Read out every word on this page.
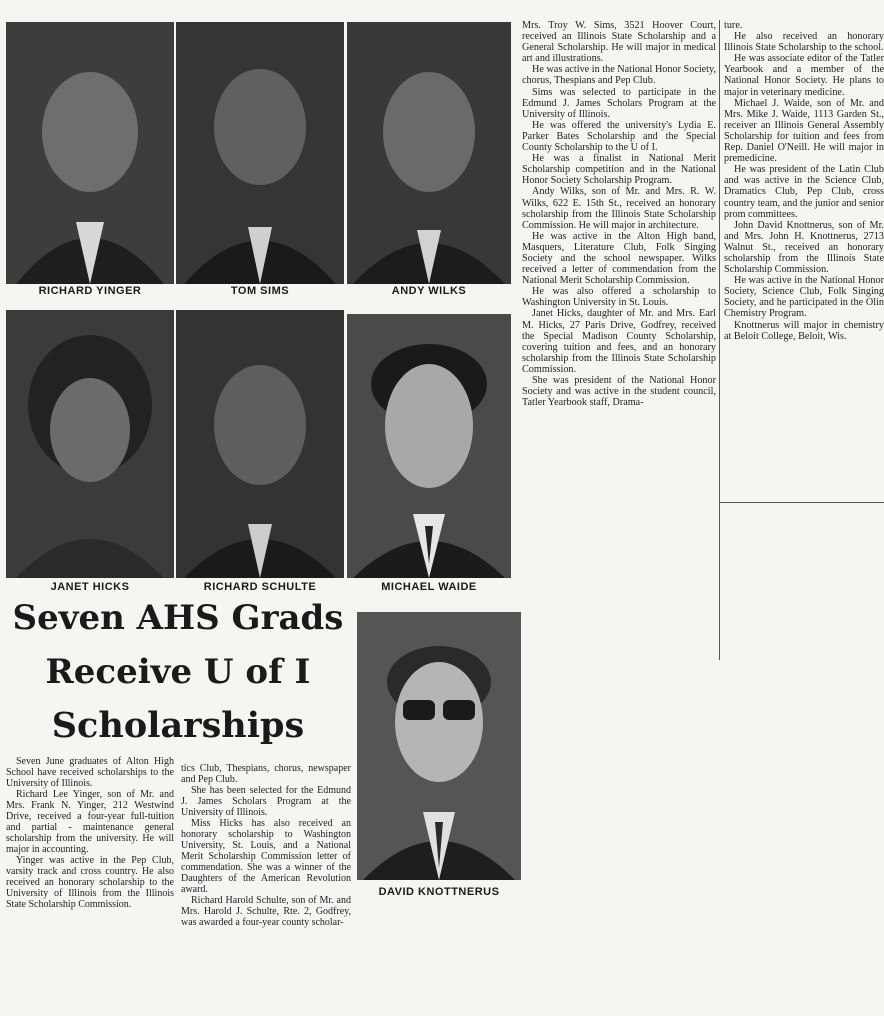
RICHARD YINGER	TOM SIMS	ANDY WILKS
JANET HICKS	RICHARD SCHULTE	MICHAEL WAIDE
Seven AHS Grads
Receive U of I
Scholarships
DAVID KNOTTNERUS

Seven June graduates of Alton High School have received scholarships to the University of Illinois.

Richard Lee Yinger, son of Mr. and Mrs. Frank N. Yinger, 212 Westwind Drive, received a four-year full-tuition and partial - maintenance general scholarship from the university. He will major in accounting.

Yinger was active in the Pep Club, varsity track and cross country. He also received an honorary scholarship to the University of Illinois from the Illinois State Scholarship Commission.

tics Club, Thespians, chorus, newspaper and Pep Club.

She has been selected for the Edmund J. James Scholars Program at the University of Illinois.

Miss Hicks has also received an honorary scholarship to Washington University, St. Louis, and a National Merit Scholarship Commission letter of commendation. She was a winner of the Daughters of the American Revolution award.

Richard Harold Schulte, son of Mr. and Mrs. Harold J. Schulte, Rte. 2, Godfrey, was awarded a four-year county scholar-

Mrs. Troy W. Sims, 3521 Hoover Court, received an Illinois State Scholarship and a General Scholarship. He will major in medical art and illustrations.

He was active in the National Honor Society, chorus, Thespians and Pep Club.

Sims was selected to participate in the Edmund J. James Scholars Program at the University of Illinois.

He was offered the university's Lydia E. Parker Bates Scholarship and the Special County Scholarship to the U of I.

He was a finalist in National Merit Scholarship competition and in the National Honor Society Scholarship Program.

Andy Wilks, son of Mr. and Mrs. R. W. Wilks, 622 E. 15th St., received an honorary scholarship from the Illinois State Scholarship Commission. He will major in architecture.

He was active in the Alton High band, Masquers, Literature Club, Folk Singing Society and the school newspaper. Wilks received a letter of commendation from the National Merit Scholarship Commission.

He was also offered a scholarship to Washington University in St. Louis.

Janet Hicks, daughter of Mr. and Mrs. Earl M. Hicks, 27 Paris Drive, Godfrey, received the Special Madison County Scholarship, covering tuition and fees, and an honorary scholarship from the Illinois State Scholarship Commission.

She was president of the National Honor Society and was active in the student council, Tatler Yearbook staff, Drama-

ture.

He also received an honorary Illinois State Scholarship to the school.

He was associate editor of the Tatler Yearbook and a member of the National Honor Society. He plans to major in veterinary medicine.

Michael J. Waide, son of Mr. and Mrs. Mike J. Waide, 1113 Garden St., receiver an Illinois General Assembly Scholarship for tuition and fees from Rep. Daniel O'Neill. He will major in premedicine.

He was president of the Latin Club and was active in the Science Club, Dramatics Club, Pep Club, cross country team, and the junior and senior prom committees.

John David Knottnerus, son of Mr. and Mrs. John H. Knottnerus, 2713 Walnut St., received an honorary scholarship from the Illinois State Scholarship Commission.

He was active in the National Honor Society, Science Club, Folk Singing Society, and he participated in the Olin Chemistry Program.

Knottnerus will major in chemistry at Beloit College, Beloit, Wis.
